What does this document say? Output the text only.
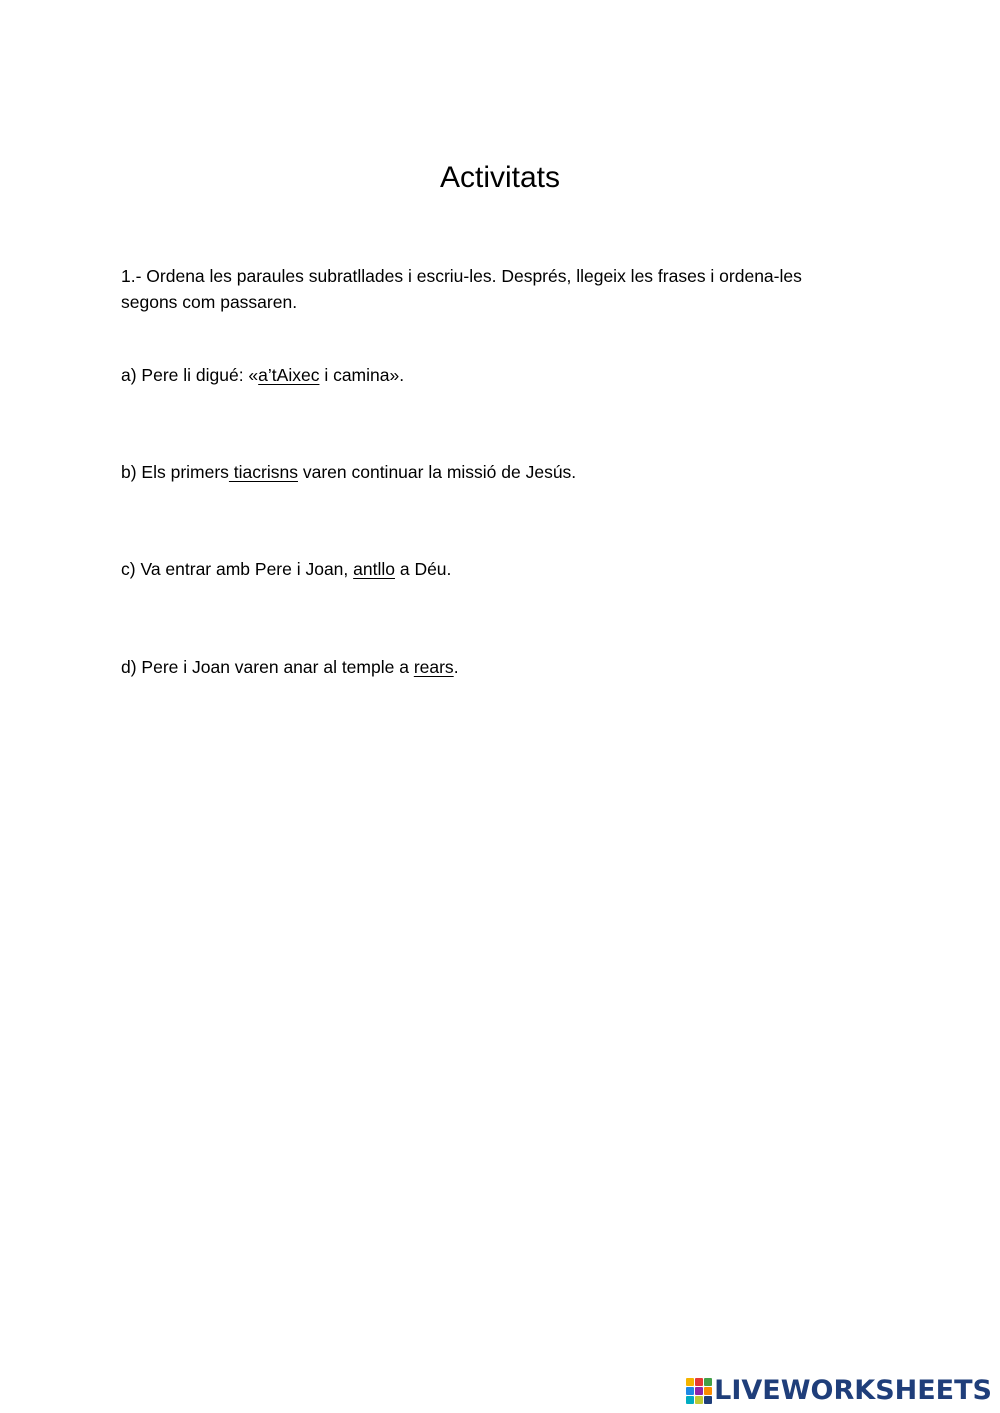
Activitats

1.- Ordena les paraules subratllades i escriu-les. Després, llegeix les frases i ordena-les segons com passaren.

a) Pere li digué: «a’tAixec i camina».

b) Els primers tiacrisns varen continuar la missió de Jesús.

c) Va entrar amb Pere i Joan, antllo a Déu.

d) Pere i Joan varen anar al temple a rears.

LIVEWORKSHEETS
